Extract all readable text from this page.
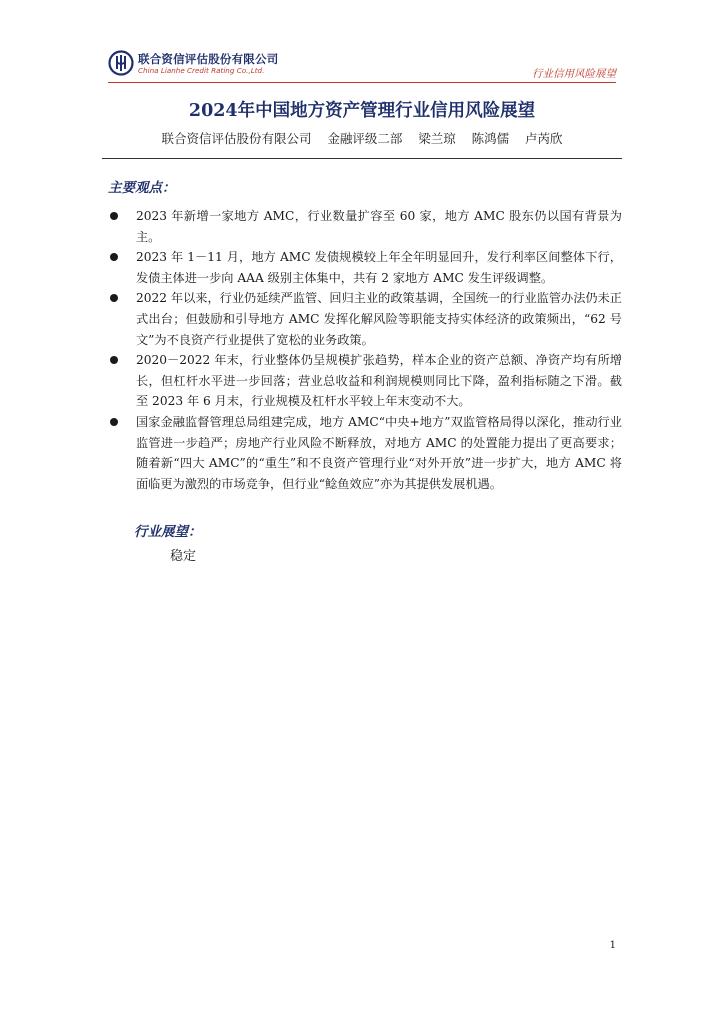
联合资信评估股份有限公司
China Lianhe Credit Rating Co.,Ltd.	行业信用风险展望
2024年中国地方资产管理行业信用风险展望
联合资信评估股份有限公司    金融评级二部    梁兰琼    陈鸿儒    卢芮欣
主要观点：
2023 年新增一家地方 AMC，行业数量扩容至 60 家，地方 AMC 股东仍以国有背景为主。
2023 年 1－11 月，地方 AMC 发债规模较上年全年明显回升，发行利率区间整体下行，发债主体进一步向 AAA 级别主体集中，共有 2 家地方 AMC 发生评级调整。
2022 年以来，行业仍延续严监管、回归主业的政策基调，全国统一的行业监管办法仍未正式出台；但鼓励和引导地方 AMC 发挥化解风险等职能支持实体经济的政策频出，“62 号文”为不良资产行业提供了宽松的业务政策。
2020－2022 年末，行业整体仍呈规模扩张趋势，样本企业的资产总额、净资产均有所增长，但杠杆水平进一步回落；营业总收益和利润规模则同比下降，盈利指标随之下滑。截至 2023 年 6 月末，行业规模及杠杆水平较上年末变动不大。
国家金融监督管理总局组建完成，地方 AMC“中央+地方”双监管格局得以深化，推动行业监管进一步趋严；房地产行业风险不断释放，对地方 AMC 的处置能力提出了更高要求；随着新“四大 AMC”的“重生”和不良资产管理行业“对外开放”进一步扩大，地方 AMC 将面临更为激烈的市场竞争，但行业“鲶鱼效应”亦为其提供发展机遇。
行业展望：
稳定
1
